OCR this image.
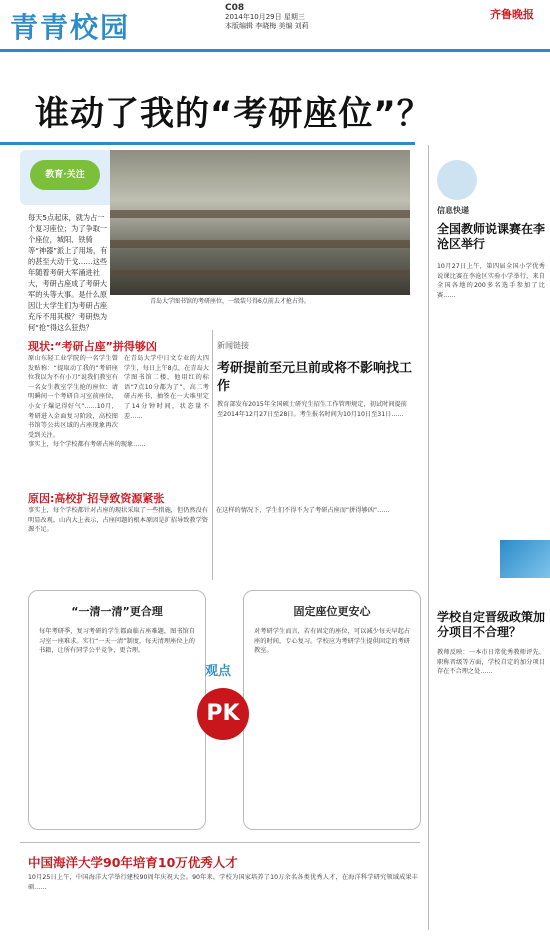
青青校园
C08
2014年10月29日 星期三
本版编辑 李晓梅 美编 刘莉
齐鲁晚报
谁动了我的“考研座位”？
教育·关注
每天5点起床，就为占一个复习座位；为了争取一个座位，城阳、铁骑等“神器”派上了用场，有的甚至大动干戈……这些年随着考研大军涌进社大，考研占座成了考研大军的头等大事。是什么原因让大学生们为考研占座充斥不用其极？考研热为何“抢”得这么狂热？
青岛大学图书馆的考研座位，一级装号得6点前去才抢占得。
现状:“考研占座”拼得够凶
原山东轻工业学院的一名学生曾发贴称：“提取动了我的”考研座位我以为不有小刀“说我们教室有一名女生教室学生抢的座位：请明瞬间一个考研自习室前座位，小女子爆记得好气”……10月，考研进入金面复习阶段，高校图书馆等公共区域的占座现象再次受到关注。
在青岛大学中日文专业的大四学生，每日上午8点，在青岛大学图书馆二楼，他用红的标语“7点10分都为了”，高二考研占座书，抽签在一大堆里定了14分钟时间，状态量不差……
事实上，每个学校都有考研占座的现象……
原因:高校扩招导致资源紧张
事实上，每个学校都针对占座的现状采取了一些措施，但仍然没有明显改观。山内大上表示，占座问题的根本原因是扩招导致教学资源不足。
在这样的情况下，学生们不得不为了考研占座而“拼得够凶”……
新闻链接
考研提前至元旦前或将不影响找工作
教育部发布2015年全国硕士研究生招生工作管理规定，初试时间提前至2014年12月27日至28日。考生报名时间为10月10日至31日……
“一清一清”更合理
每年考研季，复习考研的学生都面临占座难题，图书馆自习室一座难求。实行“一天一清”制度，每天清理座位上的书籍，让所有同学公平竞争，更合理。
固定座位更安心
对考研学生而言，若有固定的座位，可以减少每天早起占座的时间，专心复习。学校应为考研学生提供固定的考研教室。
观点
PK
中国海洋大学90年培育10万优秀人才
10月25日上午，中国海洋大学举行建校90周年庆祝大会。90年来，学校为国家培养了10万余名各类优秀人才，在海洋科学研究领域成果丰硕……
信息快递
全国教师说课赛在李沧区举行
10月27日上午，第四届全国小学优秀说课比赛在李沧区实验小学举行，来自全国各地的200多名选手参加了比赛……
学校自定晋级政策加分项目不合理？
教师反映：一本市日常优秀教师评先、职称晋级等方面，学校自定的加分项目存在不合理之处……
